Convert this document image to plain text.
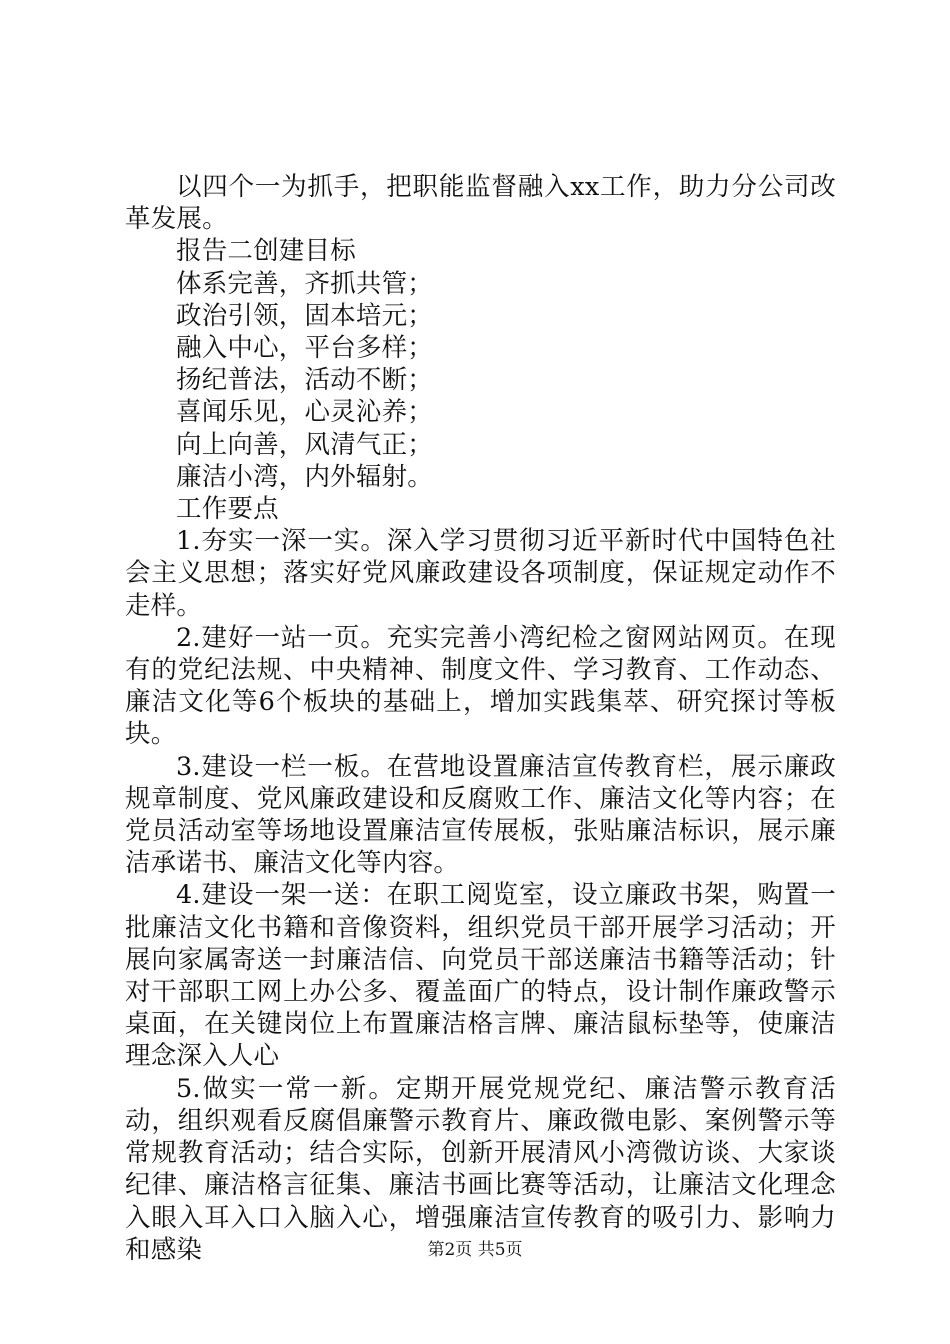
以四个一为抓手，把职能监督融入xx工作，助力分公司改革发展。

报告二创建目标

体系完善，齐抓共管；

政治引领，固本培元；

融入中心，平台多样；

扬纪普法，活动不断；

喜闻乐见，心灵沁养；

向上向善，风清气正；

廉洁小湾，内外辐射。

工作要点

1.夯实一深一实。深入学习贯彻习近平新时代中国特色社会主义思想；落实好党风廉政建设各项制度，保证规定动作不走样。

2.建好一站一页。充实完善小湾纪检之窗网站网页。在现有的党纪法规、中央精神、制度文件、学习教育、工作动态、廉洁文化等6个板块的基础上，增加实践集萃、研究探讨等板块。

3.建设一栏一板。在营地设置廉洁宣传教育栏，展示廉政规章制度、党风廉政建设和反腐败工作、廉洁文化等内容；在党员活动室等场地设置廉洁宣传展板，张贴廉洁标识，展示廉洁承诺书、廉洁文化等内容。

4.建设一架一送：在职工阅览室，设立廉政书架，购置一批廉洁文化书籍和音像资料，组织党员干部开展学习活动；开展向家属寄送一封廉洁信、向党员干部送廉洁书籍等活动；针对干部职工网上办公多、覆盖面广的特点，设计制作廉政警示桌面，在关键岗位上布置廉洁格言牌、廉洁鼠标垫等，使廉洁理念深入人心

5.做实一常一新。定期开展党规党纪、廉洁警示教育活动，组织观看反腐倡廉警示教育片、廉政微电影、案例警示等常规教育活动；结合实际，创新开展清风小湾微访谈、大家谈纪律、廉洁格言征集、廉洁书画比赛等活动，让廉洁文化理念入眼入耳入口入脑入心，增强廉洁宣传教育的吸引力、影响力和感染	第2页 共5页
